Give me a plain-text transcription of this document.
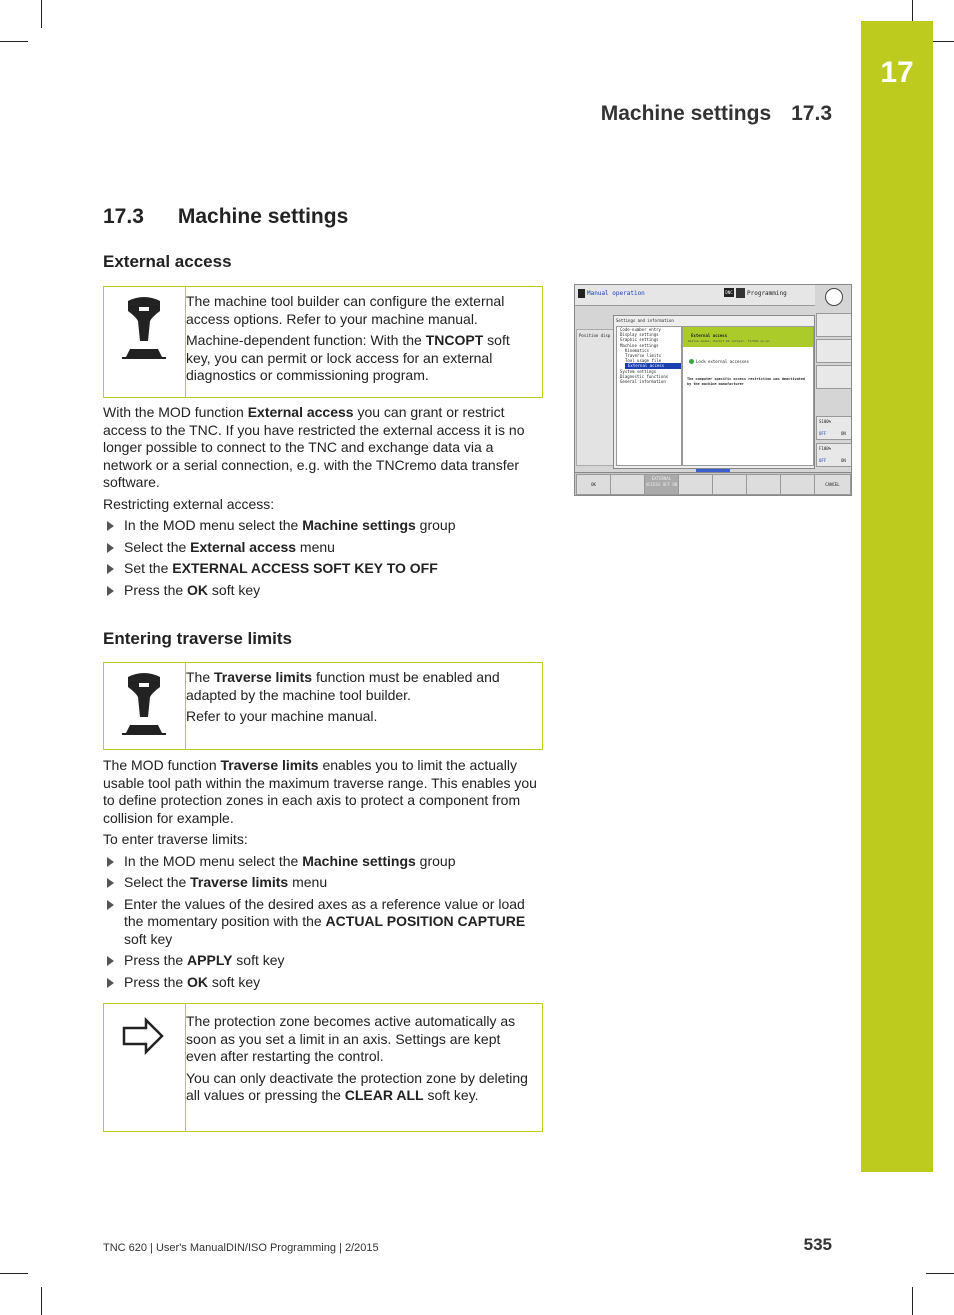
17
Machine settings 17.3
17.3 Machine settings
External access

The machine tool builder can configure the external access options. Refer to your machine manual.

Machine-dependent function: With the TNCOPT soft key, you can permit or lock access for an external diagnostics or commissioning program.

With the MOD function External access you can grant or restrict access to the TNC. If you have restricted the external access it is no longer possible to connect to the TNC and exchange data via a network or a serial connection, e.g. with the TNCremo data transfer software.

Restricting external access:

In the MOD menu select the Machine settings group
Select the External access menu
Set the EXTERNAL ACCESS SOFT KEY TO OFF
Press the OK soft key
Entering traverse limits

The Traverse limits function must be enabled and adapted by the machine tool builder.

Refer to your machine manual.

The MOD function Traverse limits enables you to limit the actually usable tool path within the maximum traverse range. This enables you to define protection zones in each axis to protect a component from collision for example.

To enter traverse limits:

In the MOD menu select the Machine settings group
Select the Traverse limits menu
Enter the values of the desired axes as a reference value or load the momentary position with the ACTUAL POSITION CAPTURE soft key
Press the APPLY soft key
Press the OK soft key

The protection zone becomes active automatically as soon as you set a limit in an axis. Settings are kept even after restarting the control.

You can only deactivate the protection zone by deleting all values or pressing the CLEAR ALL soft key.

Manual operation	DNC Programming
Position disp
Settings and information
Code-number entry
Display settings
Graphic settings
Machine settings
Kinematics
Traverse limits
Tool usage file
External access
System settings
Diagnostic functions
General information
External access
Define modes. Permit DS infoplc. TT/DAS on mo.
Lock external accesses
The computer specific access restriction was deactivated by the machine manufacturer
S100%
OFF	ON
F100%
OFF	ON
OK
EXTERNAL ACCESS OFF ON	CANCEL
TNC 620 | User's ManualDIN/ISO Programming | 2/2015	535
